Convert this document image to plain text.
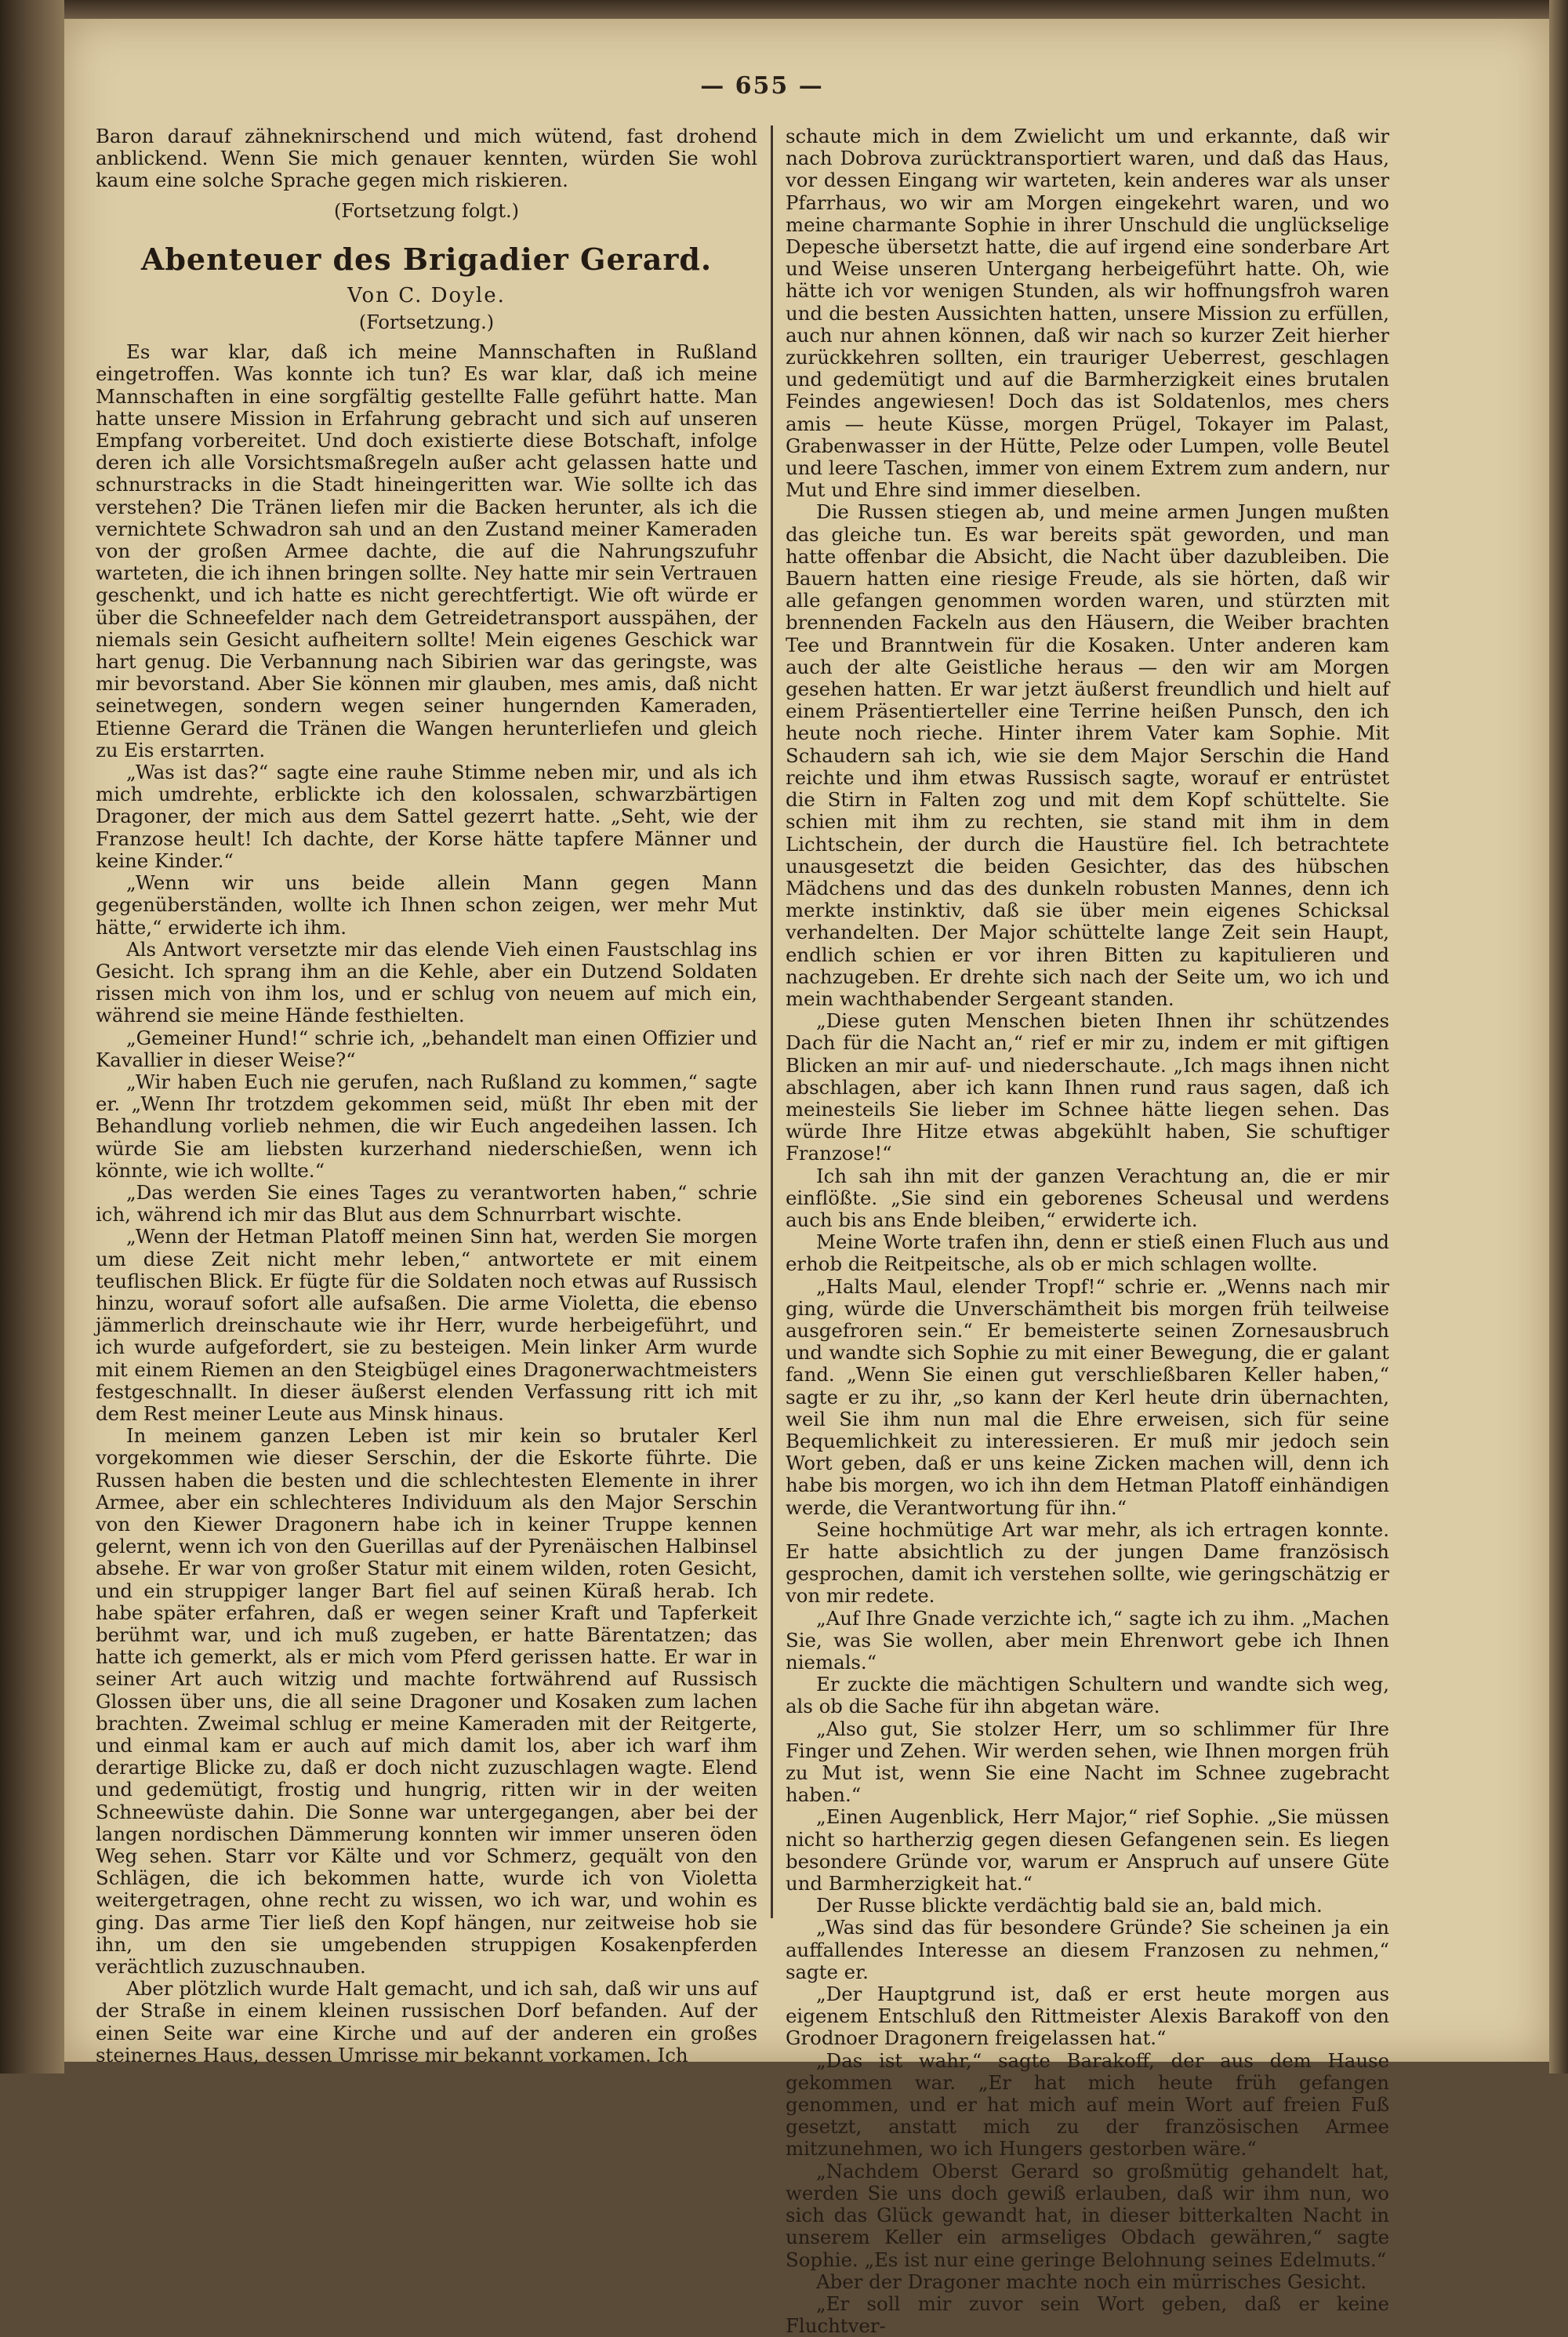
— 655 —

Baron darauf zähneknirschend und mich wütend, fast drohend anblickend. Wenn Sie mich genauer kennten, würden Sie wohl kaum eine solche Sprache gegen mich riskieren.

(Fortsetzung folgt.)
Abenteuer des Brigadier Gerard.
Von C. Doyle.
(Fortsetzung.)

Es war klar, daß ich meine Mannschaften in Rußland eingetroffen. Was konnte ich tun? Es war klar, daß ich meine Mannschaften in eine sorgfältig gestellte Falle geführt hatte. Man hatte unsere Mission in Erfahrung gebracht und sich auf unseren Empfang vorbereitet. Und doch existierte diese Botschaft, infolge deren ich alle Vorsichtsmaßregeln außer acht gelassen hatte und schnurstracks in die Stadt hineingeritten war. Wie sollte ich das verstehen? Die Tränen liefen mir die Backen herunter, als ich die vernichtete Schwadron sah und an den Zustand meiner Kameraden von der großen Armee dachte, die auf die Nahrungszufuhr warteten, die ich ihnen bringen sollte. Ney hatte mir sein Vertrauen geschenkt, und ich hatte es nicht gerechtfertigt. Wie oft würde er über die Schneefelder nach dem Getreidetransport ausspähen, der niemals sein Gesicht aufheitern sollte! Mein eigenes Geschick war hart genug. Die Verbannung nach Sibirien war das geringste, was mir bevorstand. Aber Sie können mir glauben, mes amis, daß nicht seinetwegen, sondern wegen seiner hungernden Kameraden, Etienne Gerard die Tränen die Wangen herunterliefen und gleich zu Eis erstarrten.

„Was ist das?“ sagte eine rauhe Stimme neben mir, und als ich mich umdrehte, erblickte ich den kolossalen, schwarzbärtigen Dragoner, der mich aus dem Sattel gezerrt hatte. „Seht, wie der Franzose heult! Ich dachte, der Korse hätte tapfere Männer und keine Kinder.“

„Wenn wir uns beide allein Mann gegen Mann gegenüberständen, wollte ich Ihnen schon zeigen, wer mehr Mut hätte,“ erwiderte ich ihm.

Als Antwort versetzte mir das elende Vieh einen Faustschlag ins Gesicht. Ich sprang ihm an die Kehle, aber ein Dutzend Soldaten rissen mich von ihm los, und er schlug von neuem auf mich ein, während sie meine Hände festhielten.

„Gemeiner Hund!“ schrie ich, „behandelt man einen Offizier und Kavallier in dieser Weise?“

„Wir haben Euch nie gerufen, nach Rußland zu kommen,“ sagte er. „Wenn Ihr trotzdem gekommen seid, müßt Ihr eben mit der Behandlung vorlieb nehmen, die wir Euch angedeihen lassen. Ich würde Sie am liebsten kurzerhand niederschießen, wenn ich könnte, wie ich wollte.“

„Das werden Sie eines Tages zu verantworten haben,“ schrie ich, während ich mir das Blut aus dem Schnurrbart wischte.

„Wenn der Hetman Platoff meinen Sinn hat, werden Sie morgen um diese Zeit nicht mehr leben,“ antwortete er mit einem teuflischen Blick. Er fügte für die Soldaten noch etwas auf Russisch hinzu, worauf sofort alle aufsaßen. Die arme Violetta, die ebenso jämmerlich dreinschaute wie ihr Herr, wurde herbeigeführt, und ich wurde aufgefordert, sie zu besteigen. Mein linker Arm wurde mit einem Riemen an den Steigbügel eines Dragonerwachtmeisters festgeschnallt. In dieser äußerst elenden Verfassung ritt ich mit dem Rest meiner Leute aus Minsk hinaus.

In meinem ganzen Leben ist mir kein so brutaler Kerl vorgekommen wie dieser Serschin, der die Eskorte führte. Die Russen haben die besten und die schlechtesten Elemente in ihrer Armee, aber ein schlechteres Individuum als den Major Serschin von den Kiewer Dragonern habe ich in keiner Truppe kennen gelernt, wenn ich von den Guerillas auf der Pyrenäischen Halbinsel absehe. Er war von großer Statur mit einem wilden, roten Gesicht, und ein struppiger langer Bart fiel auf seinen Küraß herab. Ich habe später erfahren, daß er wegen seiner Kraft und Tapferkeit berühmt war, und ich muß zugeben, er hatte Bärentatzen; das hatte ich gemerkt, als er mich vom Pferd gerissen hatte. Er war in seiner Art auch witzig und machte fortwährend auf Russisch Glossen über uns, die all seine Dragoner und Kosaken zum lachen brachten. Zweimal schlug er meine Kameraden mit der Reitgerte, und einmal kam er auch auf mich damit los, aber ich warf ihm derartige Blicke zu, daß er doch nicht zuzuschlagen wagte. Elend und gedemütigt, frostig und hungrig, ritten wir in der weiten Schneewüste dahin. Die Sonne war untergegangen, aber bei der langen nordischen Dämmerung konnten wir immer unseren öden Weg sehen. Starr vor Kälte und vor Schmerz, gequält von den Schlägen, die ich bekommen hatte, wurde ich von Violetta weitergetragen, ohne recht zu wissen, wo ich war, und wohin es ging. Das arme Tier ließ den Kopf hängen, nur zeitweise hob sie ihn, um den sie umgebenden struppigen Kosakenpferden verächtlich zuzuschnauben.

Aber plötzlich wurde Halt gemacht, und ich sah, daß wir uns auf der Straße in einem kleinen russischen Dorf befanden. Auf der einen Seite war eine Kirche und auf der anderen ein großes steinernes Haus, dessen Umrisse mir bekannt vorkamen. Ich

schaute mich in dem Zwielicht um und erkannte, daß wir nach Dobrova zurücktransportiert waren, und daß das Haus, vor dessen Eingang wir warteten, kein anderes war als unser Pfarrhaus, wo wir am Morgen eingekehrt waren, und wo meine charmante Sophie in ihrer Unschuld die unglückselige Depesche übersetzt hatte, die auf irgend eine sonderbare Art und Weise unseren Untergang herbeigeführt hatte. Oh, wie hätte ich vor wenigen Stunden, als wir hoffnungsfroh waren und die besten Aussichten hatten, unsere Mission zu erfüllen, auch nur ahnen können, daß wir nach so kurzer Zeit hierher zurückkehren sollten, ein trauriger Ueberrest, geschlagen und gedemütigt und auf die Barmherzigkeit eines brutalen Feindes angewiesen! Doch das ist Soldatenlos, mes chers amis — heute Küsse, morgen Prügel, Tokayer im Palast, Grabenwasser in der Hütte, Pelze oder Lumpen, volle Beutel und leere Taschen, immer von einem Extrem zum andern, nur Mut und Ehre sind immer dieselben.

Die Russen stiegen ab, und meine armen Jungen mußten das gleiche tun. Es war bereits spät geworden, und man hatte offenbar die Absicht, die Nacht über dazubleiben. Die Bauern hatten eine riesige Freude, als sie hörten, daß wir alle gefangen genommen worden waren, und stürzten mit brennenden Fackeln aus den Häusern, die Weiber brachten Tee und Branntwein für die Kosaken. Unter anderen kam auch der alte Geistliche heraus — den wir am Morgen gesehen hatten. Er war jetzt äußerst freundlich und hielt auf einem Präsentierteller eine Terrine heißen Punsch, den ich heute noch rieche. Hinter ihrem Vater kam Sophie. Mit Schaudern sah ich, wie sie dem Major Serschin die Hand reichte und ihm etwas Russisch sagte, worauf er entrüstet die Stirn in Falten zog und mit dem Kopf schüttelte. Sie schien mit ihm zu rechten, sie stand mit ihm in dem Lichtschein, der durch die Haustüre fiel. Ich betrachtete unausgesetzt die beiden Gesichter, das des hübschen Mädchens und das des dunkeln robusten Mannes, denn ich merkte instinktiv, daß sie über mein eigenes Schicksal verhandelten. Der Major schüttelte lange Zeit sein Haupt, endlich schien er vor ihren Bitten zu kapitulieren und nachzugeben. Er drehte sich nach der Seite um, wo ich und mein wachthabender Sergeant standen.

„Diese guten Menschen bieten Ihnen ihr schützendes Dach für die Nacht an,“ rief er mir zu, indem er mit giftigen Blicken an mir auf- und niederschaute. „Ich mags ihnen nicht abschlagen, aber ich kann Ihnen rund raus sagen, daß ich meinesteils Sie lieber im Schnee hätte liegen sehen. Das würde Ihre Hitze etwas abgekühlt haben, Sie schuftiger Franzose!“

Ich sah ihn mit der ganzen Verachtung an, die er mir einflößte. „Sie sind ein geborenes Scheusal und werdens auch bis ans Ende bleiben,“ erwiderte ich.

Meine Worte trafen ihn, denn er stieß einen Fluch aus und erhob die Reitpeitsche, als ob er mich schlagen wollte.

„Halts Maul, elender Tropf!“ schrie er. „Wenns nach mir ging, würde die Unverschämtheit bis morgen früh teilweise ausgefroren sein.“ Er bemeisterte seinen Zornesausbruch und wandte sich Sophie zu mit einer Bewegung, die er galant fand. „Wenn Sie einen gut verschließbaren Keller haben,“ sagte er zu ihr, „so kann der Kerl heute drin übernachten, weil Sie ihm nun mal die Ehre erweisen, sich für seine Bequemlichkeit zu interessieren. Er muß mir jedoch sein Wort geben, daß er uns keine Zicken machen will, denn ich habe bis morgen, wo ich ihn dem Hetman Platoff einhändigen werde, die Verantwortung für ihn.“

Seine hochmütige Art war mehr, als ich ertragen konnte. Er hatte absichtlich zu der jungen Dame französisch gesprochen, damit ich verstehen sollte, wie geringschätzig er von mir redete.

„Auf Ihre Gnade verzichte ich,“ sagte ich zu ihm. „Machen Sie, was Sie wollen, aber mein Ehrenwort gebe ich Ihnen niemals.“

Er zuckte die mächtigen Schultern und wandte sich weg, als ob die Sache für ihn abgetan wäre.

„Also gut, Sie stolzer Herr, um so schlimmer für Ihre Finger und Zehen. Wir werden sehen, wie Ihnen morgen früh zu Mut ist, wenn Sie eine Nacht im Schnee zugebracht haben.“

„Einen Augenblick, Herr Major,“ rief Sophie. „Sie müssen nicht so hartherzig gegen diesen Gefangenen sein. Es liegen besondere Gründe vor, warum er Anspruch auf unsere Güte und Barmherzigkeit hat.“

Der Russe blickte verdächtig bald sie an, bald mich.

„Was sind das für besondere Gründe? Sie scheinen ja ein auffallendes Interesse an diesem Franzosen zu nehmen,“ sagte er.

„Der Hauptgrund ist, daß er erst heute morgen aus eigenem Entschluß den Rittmeister Alexis Barakoff von den Grodnoer Dragonern freigelassen hat.“

„Das ist wahr,“ sagte Barakoff, der aus dem Hause gekommen war. „Er hat mich heute früh gefangen genommen, und er hat mich auf mein Wort auf freien Fuß gesetzt, anstatt mich zu der französischen Armee mitzunehmen, wo ich Hungers gestorben wäre.“

„Nachdem Oberst Gerard so großmütig gehandelt hat, werden Sie uns doch gewiß erlauben, daß wir ihm nun, wo sich das Glück gewandt hat, in dieser bitterkalten Nacht in unserem Keller ein armseliges Obdach gewähren,“ sagte Sophie. „Es ist nur eine geringe Belohnung seines Edelmuts.“

Aber der Dragoner machte noch ein mürrisches Gesicht.

„Er soll mir zuvor sein Wort geben, daß er keine Fluchtver-
